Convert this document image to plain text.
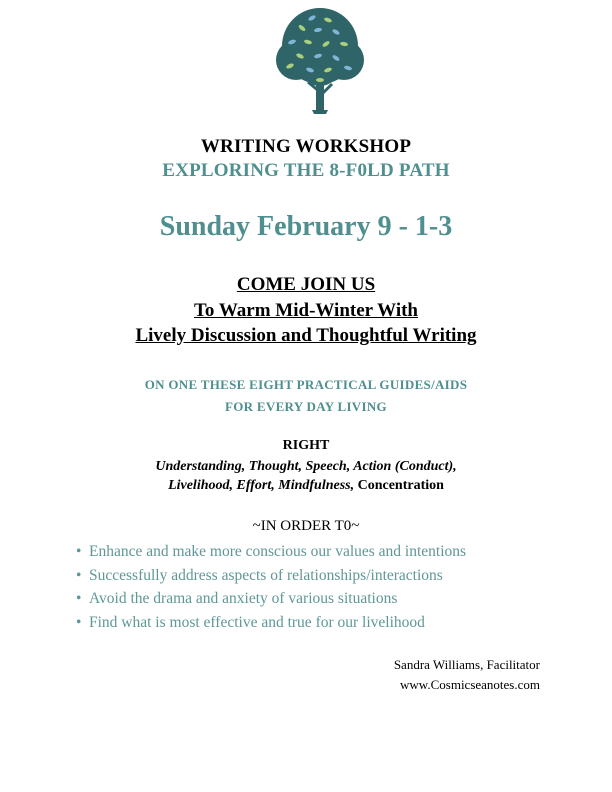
WRITING WORKSHOP
EXPLORING THE 8-F0LD PATH
Sunday February 9 - 1-3
COME JOIN US
To Warm Mid-Winter With
Lively Discussion and Thoughtful Writing
ON ONE THESE EIGHT PRACTICAL GUIDES/AIDS
FOR EVERY DAY LIVING
RIGHT
Understanding, Thought, Speech, Action (Conduct),
Livelihood, Effort, Mindfulness, Concentration
~IN ORDER T0~
• Enhance and make more conscious our values and intentions
• Successfully address aspects of relationships/interactions
• Avoid the drama and anxiety of various situations
• Find what is most effective and true for our livelihood
Sandra Williams, Facilitator
www.Cosmicseanotes.com
